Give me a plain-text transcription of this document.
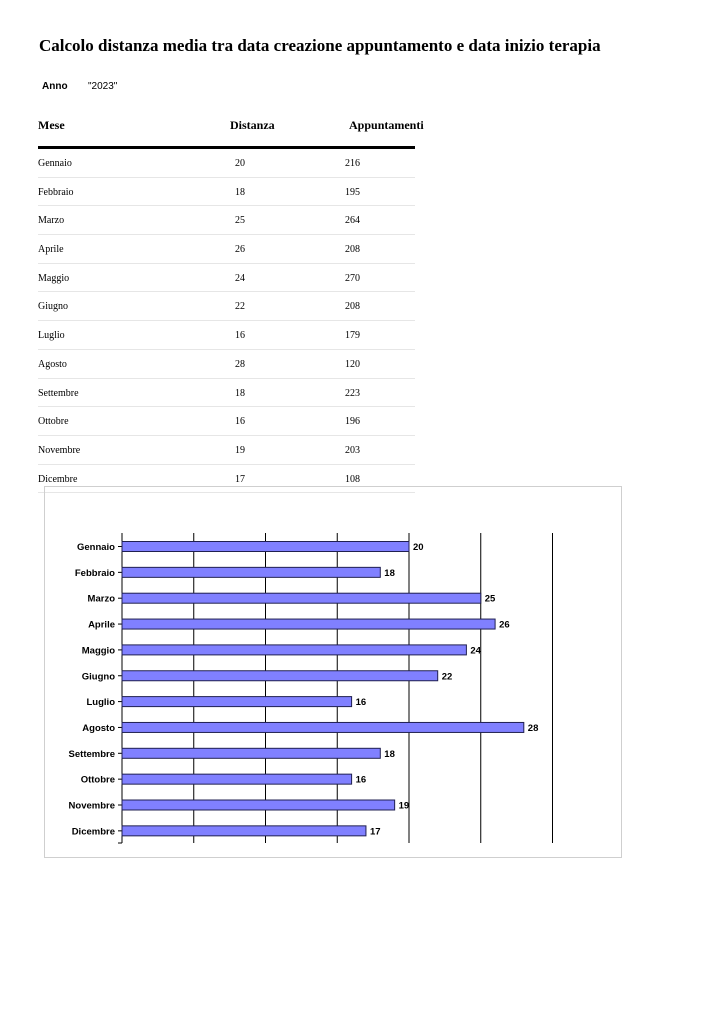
Calcolo distanza media tra data creazione appuntamento e data inizio terapia
Anno "2023"
Mese	Distanza	Appuntamenti
Gennaio	20	216
Febbraio	18	195
Marzo	25	264
Aprile	26	208
Maggio	24	270
Giugno	22	208
Luglio	16	179
Agosto	28	120
Settembre	18	223
Ottobre	16	196
Novembre	19	203
Dicembre	17	108
Gennaio	20
Febbraio	18
Marzo	25
Aprile	26
Maggio	24
Giugno	22
Luglio	16
Agosto	28
Settembre	18
Ottobre	16
Novembre	19
Dicembre	17
